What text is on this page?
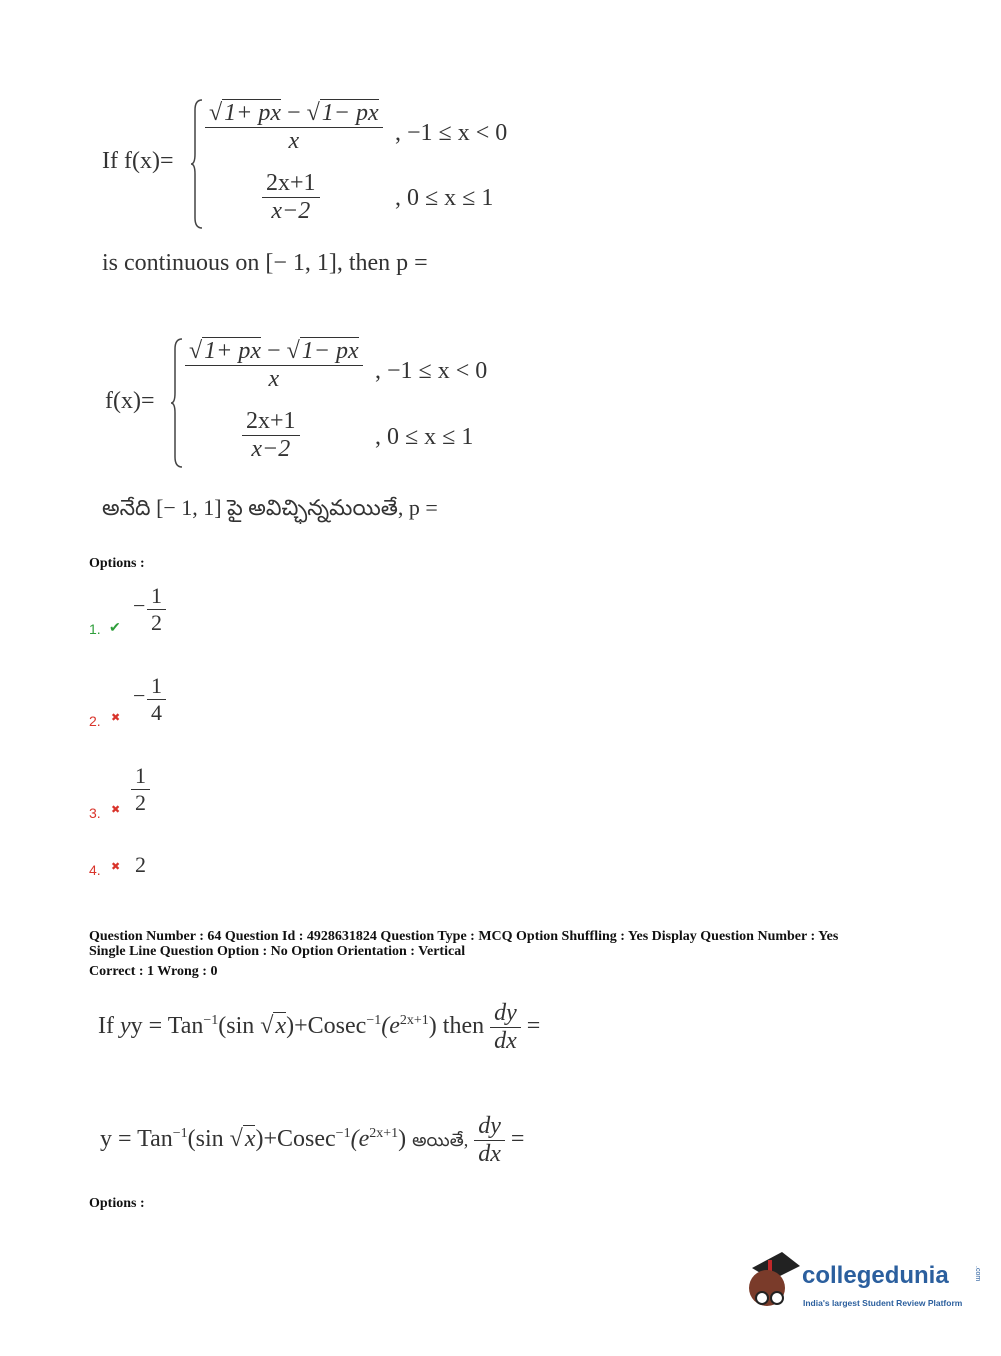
If f(x)=
$\frac{√1+ px - √1- px}{x}$ , −1 ≤ x < 0
$\frac{2x+1}{x-2}$	, 0 ≤ x ≤ 1
is continuous on [− 1, 1], then p =
f(x)=
$\frac{√1+ px - √1- px}{x}$ , −1 ≤ x < 0
$\frac{2x+1}{x-2}$	, 0 ≤ x ≤ 1
అనేది [− 1, 1] పై అవిచ్ఛిన్నమయితే, p =
Options :
1. ✔
− $\frac{1}{2}$
2. ✖
− $\frac{1}{4}$
3. ✖ $\frac{1}{2}$
4. ✖ 2
Question Number : 64 Question Id : 4928631824 Question Type : MCQ Option Shuffling : Yes Display Question Number : Yes
Single Line Question Option : No Option Orientation : Vertical
Correct : 1 Wrong : 0
If yy = Tan$^{-1}$(sin $√x)+Cosec^{-1}(e^{2x+1})$ then $\frac{dy}{dx}$ =
y = Tan$^{-1}$(sin $√x)+Cosec^{-1}(e^{2x+1})$ అయితే, $\frac{dy}{dx}$ =
Options :
collegedunia	.com
India's largest Student Review Platform
